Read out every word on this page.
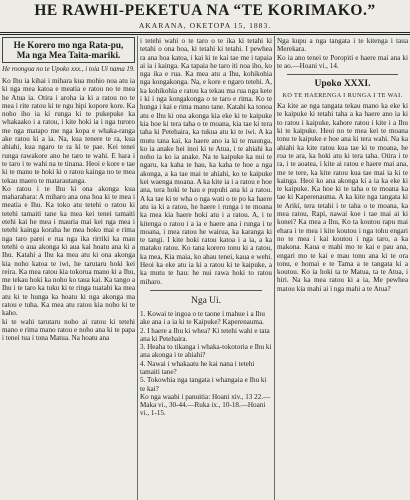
HE RAWHI-PEKETUA NA “TE KORIMAKO.”
AKARANA, OKETOPA 15, 1883.
He Korero mo nga Rata-pu, Ma nga Mea Taita-mariki.
He roongoa no te Upoko xxx., i toia Ui nama 19.

Ko Ihu ia kihai i mihara kua mohio noa atu ia ki nga mea katoa e meatia e ratou no te mea he Atua ia. Otira i aroha ia ki a ratou no te mea i rite ratou ki te ngu hipi kopore kore. Ka noho iho ia ki runga ki te pukepuke ka whakaako i a ratou, i kite hoki ia i nga turoro me nga matapo me nga kopa e whaka-ranga ake ratou ki a ia. Na, kua tenere te ra, kua ahiahi, kua ngaro te ra ki te pae. Kei tenei runga rawakore ano he taro te wahi. E hara i te taro i te wahi na te tinana. Heoi e kore e tae ki te mano te hoki ki o ratou kainga no te mea tekau maero te matarautanga.
Ko ratou i te Ihu ki ona akonga kua maharahara: A miharo ana ona hoa ki te mea i meatia e Ihu. Ka toko atu tetehi o ratou ki tetehi tamaiti tane ka mea kei tenei tamaiti etehi kai he mea i mauria mai kei nga mea i tetehi kainga koraha he mea hoko mai e rima nga taro parei e rua nga ika rirriki ka mau tetehi o aua akonga ki aua kai hoatu ana ki a Ihu. Katahi a Ihu ka mea atu ki ona akonga kia noho katoa te iwi, he tarutaru hoki kei reira. Ka mea ratou kia tokorua mano ki a Ihu, me tekau hoki ka noho ko taua kai. Ka tango a Ihu i te taro ka tuku ki te ringa tuatahi ka mea atu ki te hunga ka hoatu ki nga akonga ma ratou e tuha. Ka mea atu ratou kia noho ki te kaho.

ki te wahi tarutaru noho ai ratou ki tetehi mano e rima mano ratou e noho ana ki te papa i tenei tua i tona Matua. Na hoatu ana

i tetehi wahi o te taro o te ika ki tetahi ki tetahi o ona hoa, ki tetahi ki tetahi. I pewhea ra ana hoa katoa, i kai ki te kai tae me i tapaia ai ia i kainga. Ka tapaia he taro iti noa iho, ko nga ika e rua. Ka mea atu a Ihu, kohikohia nga kongakonga. Na, e kore e ngaro tetehi. A, ka kohikohia e ratou ka tekau ma rua nga kete i ki i nga kongakonga o te taro e rima. Ko te hunga i kai e rima mano tane. Katahi ka tonoa atu e Ihu ki ona akonga kia eke ki te kaipuke kia hoe ki tera taha o te moana, kia tae ki tera taha ki Petehaira, ka tukua atu ki te iwi. A ka mutu tana kai, ka haere ano ia ki te maunga, ko ia anake hei inoi ki te Atua, i te ahiahi ka noho ia ko ia anake. Na te kaipuke ka nui te ngaru, ka kaha te hau, ka kaha te hoe a nga akonga, a ka tae mai te ahiahi, ko te kaipuke kei waenga moana. A ka kite ia i a ratou e hoe ana, tera hoki te hau e pupuhi ana ki a ratou. A ka tae ki te wha o nga wati o te po ka haere atu ia ki a ratou, he haere i runga i te moana ka mea kia haere hoki atu i a ratou. A, i te kitenga o ratou i a ia e haere ana i runga i te moana, i mea ratou he wairua, ka karanga ki te tangi. I kite hoki ratou katoa i a ia, a ka mataku ratou. Ko tana korero tonu ki a ratou, ka mea, Kia maia, ko ahau tenei, kaua e wehi. Heoi ka eke atu ia ki a ratou ki te kaipuke, a ka mutu te hau: he nui rawa hoki to ratou miharo.

Nga Ui.

1. Kowai te ingoa o te taone i mahue i a Ihu ake ana i a ia ki te Kaipuke? Kaperenauma.
2. I haere a Ihu ki whea? Ki tetehi wahi e tata ana ki Petehaira.
3. Heaha to tikanga i whaka-tokotoria e Ihu ki ana akonga i te ahiahi?
4. Nawai i whakaatu he kai nana i tetehi tamaiti tane?
5. Tokowhia nga tangata i whangaia e Ihu ki te kai?
Ko nga waahi i panuitia: Hoani xiv., 13 22.—Maka vi., 30-44.—Ruka ix., 10-18.—Hoani vi., 1-15.

Nga kupu a nga tangata i te kitenga i taua Merekara.

Ko ia ano tenei te Poropiti e haere mai ana ki te ao.—Hoani vi., 14.

Upoko XXXI.
KO TE HAERENGA I RUNGA I TE WAI.

Ka kite ae nga tangata tekau mano ka eke ki te kaipuke ki tetahi taha a ka haere ano ia ki to ratou i kaipuke, kahore ratou i kite i a Ihu ki te kaipuke. Heoi no te mea kei te moana tonu te kaipuke e hoe ana ki tera wahi. Na ka ahiahi ka kite ratou kua tae ki te moana, he roa te ara, ka hoki atu ki tera taha. Otira i te ra, i te aoatea, i kite ai ratou e haere mai ana, me te tere, ka kite ratou kua tae mai ia ki te kainga. Heoi ko ana akonga ki a ia ka eke ki te kaipuke. Ka hoe ki te taha o te moana ka tae ki Kaperenauma. A ka kite nga tangata ki te Ariki, tera tetahi i te taha o te moana, ka mea ratou, Rapi, nawai koe i tae mai ai ki konei? Ka mea a Ihu, Ko ta koutou rapu mai ehara i te mea i kite koutou i nga tohu engari no te mea i kai koutou i nga taro, a ka makona. Kaua e mahi mo te kai e pau ana, engari mo te kai e mau tonu ana ki te ora tonu, e homai e te Tama a te tangata ki a koutou. Ko ia hoki ta te Matua, ta te Atua, i hiri. Na ka mea ratou ki a ia, Me pewhea matou kia mahi ai i nga mahi a te Atua?
